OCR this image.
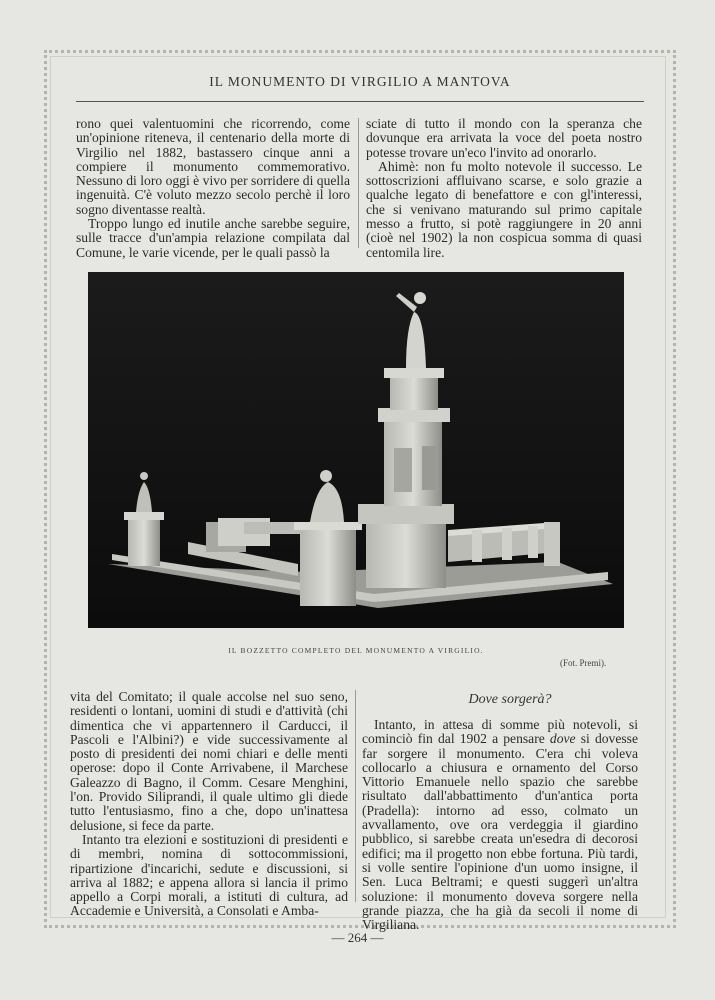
IL MONUMENTO DI VIRGILIO A MANTOVA

rono quei valentuomini che ricorrendo, come un'opinione riteneva, il centenario della morte di Virgilio nel 1882, bastassero cinque anni a compiere il monumento commemorativo. Nessuno di loro oggi è vivo per sorridere di quella ingenuità. C'è voluto mezzo secolo perchè il loro sogno diventasse realtà.

Troppo lungo ed inutile anche sarebbe seguire, sulle tracce d'un'ampia relazione compilata dal Comune, le varie vicende, per le quali passò la

sciate di tutto il mondo con la speranza che dovunque era arrivata la voce del poeta nostro potesse trovare un'eco l'invito ad onorarlo.

Ahimè: non fu molto notevole il successo. Le sottoscrizioni affluivano scarse, e solo grazie a qualche legato di benefattore e con gl'interessi, che si venivano maturando sul primo capitale messo a frutto, si potè raggiungere in 20 anni (cioè nel 1902) la non cospicua somma di quasi centomila lire.

IL BOZZETTO COMPLETO DEL MONUMENTO A VIRGILIO.
(Fot. Premi).

vita del Comitato; il quale accolse nel suo seno, residenti o lontani, uomini di studi e d'attività (chi dimentica che vi appartennero il Carducci, il Pascoli e l'Albini?) e vide successivamente al posto di presidenti dei nomi chiari e delle menti operose: dopo il Conte Arrivabene, il Marchese Galeazzo di Bagno, il Comm. Cesare Menghini, l'on. Provido Siliprandi, il quale ultimo gli diede tutto l'entusiasmo, fino a che, dopo un'inattesa delusione, si fece da parte.

Intanto tra elezioni e sostituzioni di presidenti e di membri, nomina di sottocommissioni, ripartizione d'incarichi, sedute e discussioni, si arriva al 1882; e appena allora si lancia il primo appello a Corpi morali, a istituti di cultura, ad Accademie e Università, a Consolati e Amba-

Dove sorgerà?

Intanto, in attesa di somme più notevoli, si cominciò fin dal 1902 a pensare dove si dovesse far sorgere il monumento. C'era chi voleva collocarlo a chiusura e ornamento del Corso Vittorio Emanuele nello spazio che sarebbe risultato dall'abbattimento d'un'antica porta (Pradella): intorno ad esso, colmato un avvallamento, ove ora verdeggia il giardino pubblico, si sarebbe creata un'esedra di decorosi edifici; ma il progetto non ebbe fortuna. Più tardi, si volle sentire l'opinione d'un uomo insigne, il Sen. Luca Beltrami; e questi suggerì un'altra soluzione: il monumento doveva sorgere nella grande piazza, che ha già da secoli il nome di Virgiliana.

— 264 —
